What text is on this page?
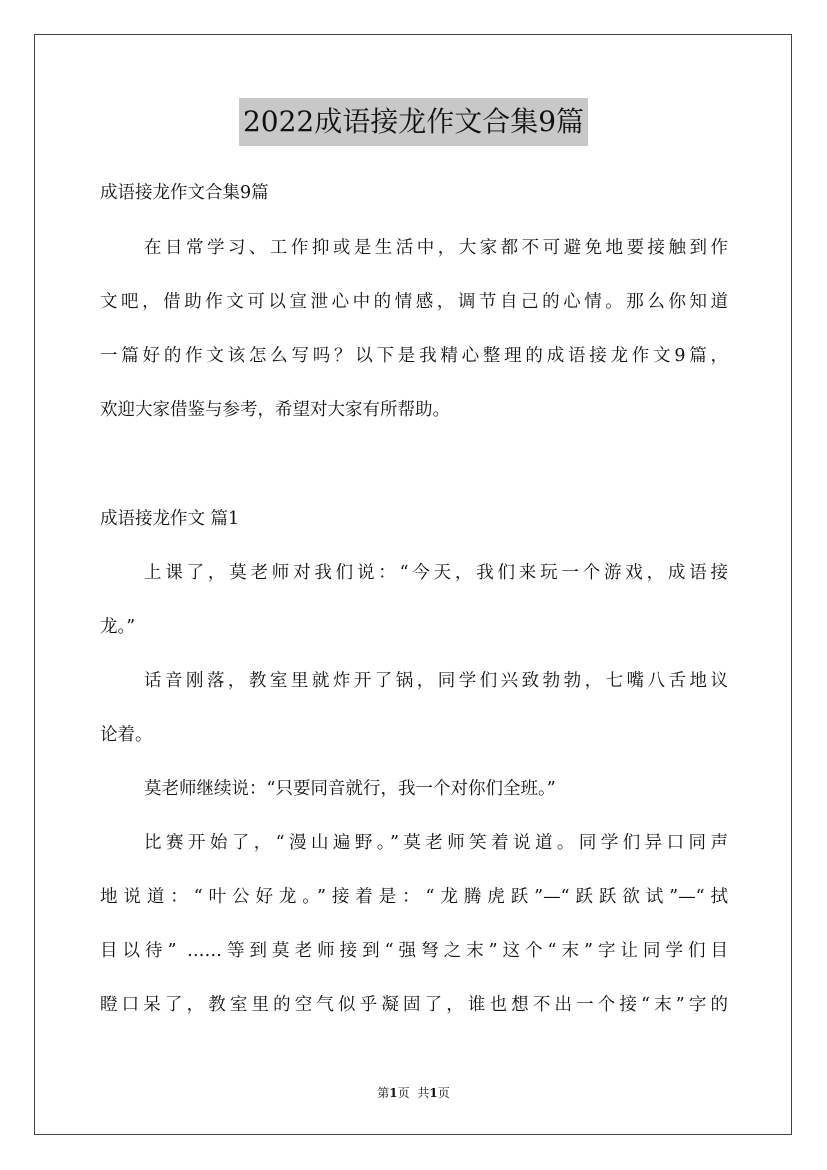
2022成语接龙作文合集9篇
成语接龙作文合集9篇
在日常学习、工作抑或是生活中，大家都不可避免地要接触到作
文吧，借助作文可以宣泄心中的情感，调节自己的心情。那么你知道
一篇好的作文该怎么写吗？以下是我精心整理的成语接龙作文9篇，
欢迎大家借鉴与参考，希望对大家有所帮助。
成语接龙作文 篇1
上课了，莫老师对我们说：“今天，我们来玩一个游戏，成语接
龙。”
话音刚落，教室里就炸开了锅，同学们兴致勃勃，七嘴八舌地议
论着。
莫老师继续说：“只要同音就行，我一个对你们全班。”
比赛开始了，“漫山遍野。”莫老师笑着说道。同学们异口同声
地说道：“叶公好龙。”接着是：“龙腾虎跃”—“跃跃欲试”—“拭
目以待” ……等到莫老师接到“强弩之末”这个“末”字让同学们目
瞪口呆了，教室里的空气似乎凝固了，谁也想不出一个接“末”字的
第1页 共1页
